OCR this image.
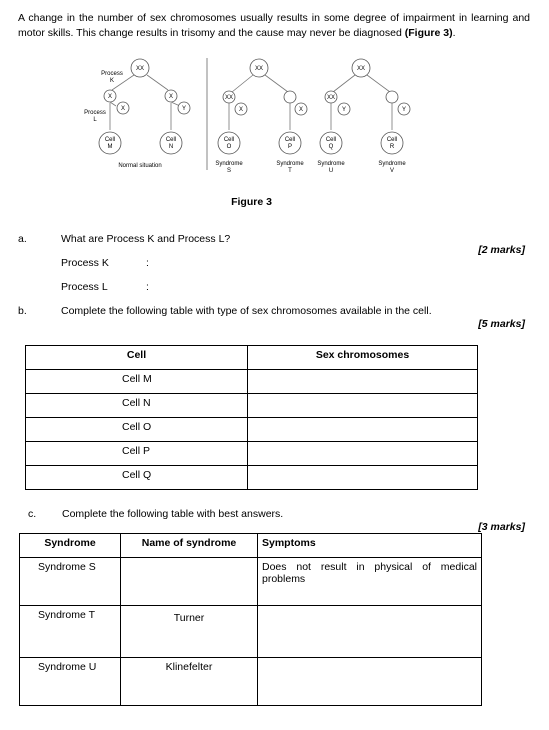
A change in the number of sex chromosomes usually results in some degree of impairment in learning and motor skills. This change results in trisomy and the cause may never be diagnosed (Figure 3).
XX
Process
K
Process
L
X	X
X	Y
Cell
M
Cell
N
Normal situation
XX	XX
XX
X
XX
X	Y	Y
Cell
O
Cell
P
Cell
Q
Cell
R
Syndrome
S
Syndrome
T
Syndrome
U
Syndrome
V
Figure 3
a.	What are Process K and Process L?
[2 marks]
Process K	:
Process L	:
b.	Complete the following table with type of sex chromosomes available in the cell.
[5 marks]
Cell	Sex chromosomes
Cell M	
Cell N	
Cell O	
Cell P	
Cell Q	
c. Complete the following table with best answers.
[3 marks]
Syndrome	Name of syndrome	Symptoms
Syndrome S		Does not result in physical of medical problems
Syndrome T	Turner	
Syndrome U	Klinefelter	
